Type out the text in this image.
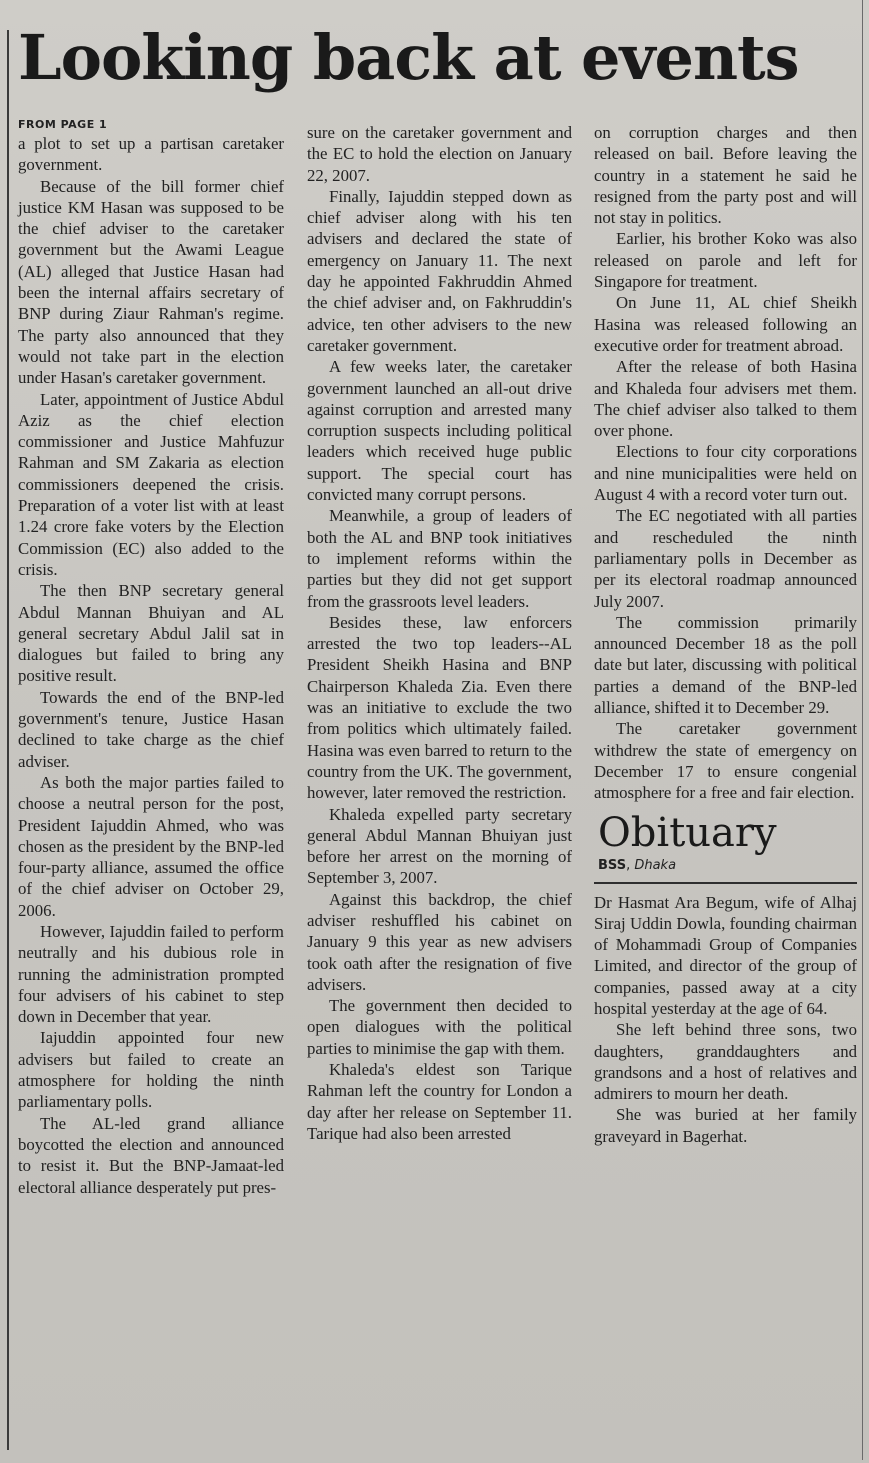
Looking back at events
FROM PAGE 1

a plot to set up a partisan caretaker government.

Because of the bill former chief justice KM Hasan was supposed to be the chief adviser to the caretaker government but the Awami League (AL) alleged that Justice Hasan had been the internal affairs secretary of BNP during Ziaur Rahman's regime. The party also announced that they would not take part in the election under Hasan's caretaker government.

Later, appointment of Justice Abdul Aziz as the chief election commissioner and Justice Mahfuzur Rahman and SM Zakaria as election commissioners deepened the crisis. Preparation of a voter list with at least 1.24 crore fake voters by the Election Commission (EC) also added to the crisis.

The then BNP secretary general Abdul Mannan Bhuiyan and AL general secretary Abdul Jalil sat in dialogues but failed to bring any positive result.

Towards the end of the BNP-led government's tenure, Justice Hasan declined to take charge as the chief adviser.

As both the major parties failed to choose a neutral person for the post, President Iajuddin Ahmed, who was chosen as the president by the BNP-led four-party alliance, assumed the office of the chief adviser on October 29, 2006.

However, Iajuddin failed to perform neutrally and his dubious role in running the administration prompted four advisers of his cabinet to step down in December that year.

Iajuddin appointed four new advisers but failed to create an atmosphere for holding the ninth parliamentary polls.

The AL-led grand alliance boycotted the election and announced to resist it. But the BNP-Jamaat-led electoral alliance desperately put pres-

sure on the caretaker government and the EC to hold the election on January 22, 2007.

Finally, Iajuddin stepped down as chief adviser along with his ten advisers and declared the state of emergency on January 11. The next day he appointed Fakhruddin Ahmed the chief adviser and, on Fakhruddin's advice, ten other advisers to the new caretaker government.

A few weeks later, the caretaker government launched an all-out drive against corruption and arrested many corruption suspects including political leaders which received huge public support. The special court has convicted many corrupt persons.

Meanwhile, a group of leaders of both the AL and BNP took initiatives to implement reforms within the parties but they did not get support from the grassroots level leaders.

Besides these, law enforcers arrested the two top leaders--AL President Sheikh Hasina and BNP Chairperson Khaleda Zia. Even there was an initiative to exclude the two from politics which ultimately failed. Hasina was even barred to return to the country from the UK. The government, however, later removed the restriction.

Khaleda expelled party secretary general Abdul Mannan Bhuiyan just before her arrest on the morning of September 3, 2007.

Against this backdrop, the chief adviser reshuffled his cabinet on January 9 this year as new advisers took oath after the resignation of five advisers.

The government then decided to open dialogues with the political parties to minimise the gap with them.

Khaleda's eldest son Tarique Rahman left the country for London a day after her release on September 11. Tarique had also been arrested

on corruption charges and then released on bail. Before leaving the country in a statement he said he resigned from the party post and will not stay in politics.

Earlier, his brother Koko was also released on parole and left for Singapore for treatment.

On June 11, AL chief Sheikh Hasina was released following an executive order for treatment abroad.

After the release of both Hasina and Khaleda four advisers met them. The chief adviser also talked to them over phone.

Elections to four city corporations and nine municipalities were held on August 4 with a record voter turn out.

The EC negotiated with all parties and rescheduled the ninth parliamentary polls in December as per its electoral roadmap announced July 2007.

The commission primarily announced December 18 as the poll date but later, discussing with political parties a demand of the BNP-led alliance, shifted it to December 29.

The caretaker government withdrew the state of emergency on December 17 to ensure congenial atmosphere for a free and fair election.

Obituary
BSS, Dhaka

Dr Hasmat Ara Begum, wife of Alhaj Siraj Uddin Dowla, founding chairman of Mohammadi Group of Companies Limited, and director of the group of companies, passed away at a city hospital yesterday at the age of 64.

She left behind three sons, two daughters, granddaughters and grandsons and a host of relatives and admirers to mourn her death.

She was buried at her family graveyard in Bagerhat.
